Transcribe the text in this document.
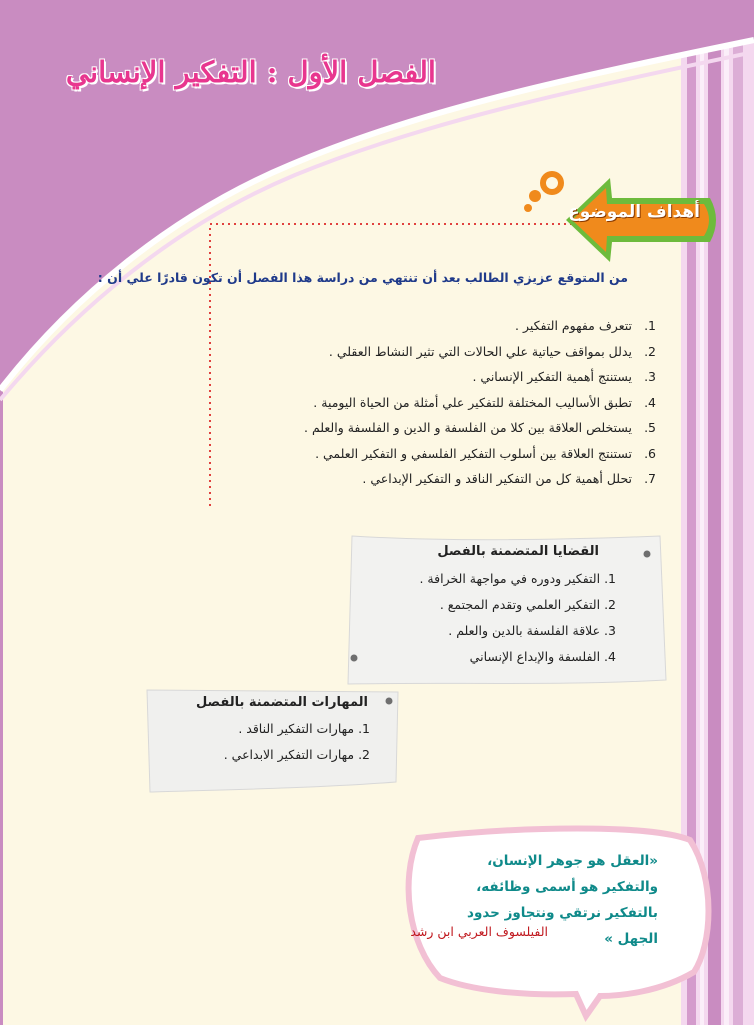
الفصل الأول : التفكير الإنساني
أهداف الموضوع
من المتوقع عزيزي الطالب بعد أن تنتهي من دراسة هذا الفصل أن تكون قادرًا علي أن :
1.
تتعرف مفهوم التفكير .
2.
يدلل بمواقف حياتية علي الحالات التي تثير النشاط العقلي .
3.
يستنتج أهمية التفكير الإنساني .
4.
تطبق الأساليب المختلفة للتفكير علي أمثلة من الحياة اليومية .
5.
يستخلص العلاقة بين كلا من الفلسفة و الدين و الفلسفة والعلم .
6.
تستنتج العلاقة بين أسلوب التفكير الفلسفي و التفكير العلمي .
7.
تحلل أهمية كل من التفكير الناقد و التفكير الإبداعي .
القضايا المتضمنة بالفصل
1. التفكير ودوره في مواجهة الخرافة .
2. التفكير العلمي وتقدم المجتمع .
3. علاقة الفلسفة بالدين والعلم .
4. الفلسفة والإبداع الإنساني
المهارات المتضمنة بالفصل
1. مهارات التفكير الناقد .
2. مهارات التفكير الابداعي .
«العقل هو جوهر الإنسان، والتفكير هو أسمى وظائفه، بالتفكير نرتقي ونتجاوز حدود الجهل »
الفيلسوف العربي ابن رشد
